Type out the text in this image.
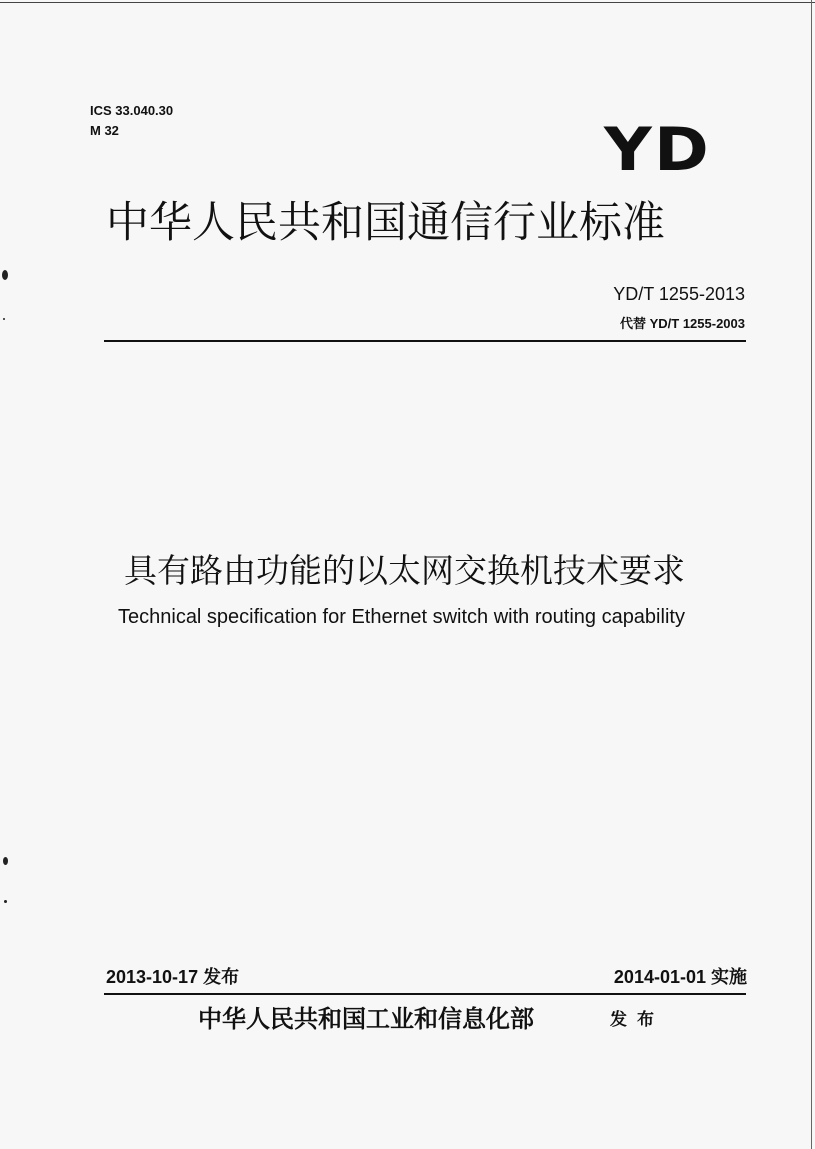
ICS 33.040.30
M 32	YD
中华人民共和国通信行业标准
YD/T 1255-2013
代替 YD/T 1255-2003
具有路由功能的以太网交换机技术要求
Technical specification for Ethernet switch with routing capability
2013-10-17 发布	2014-01-01 实施
中华人民共和国工业和信息化部	发布
